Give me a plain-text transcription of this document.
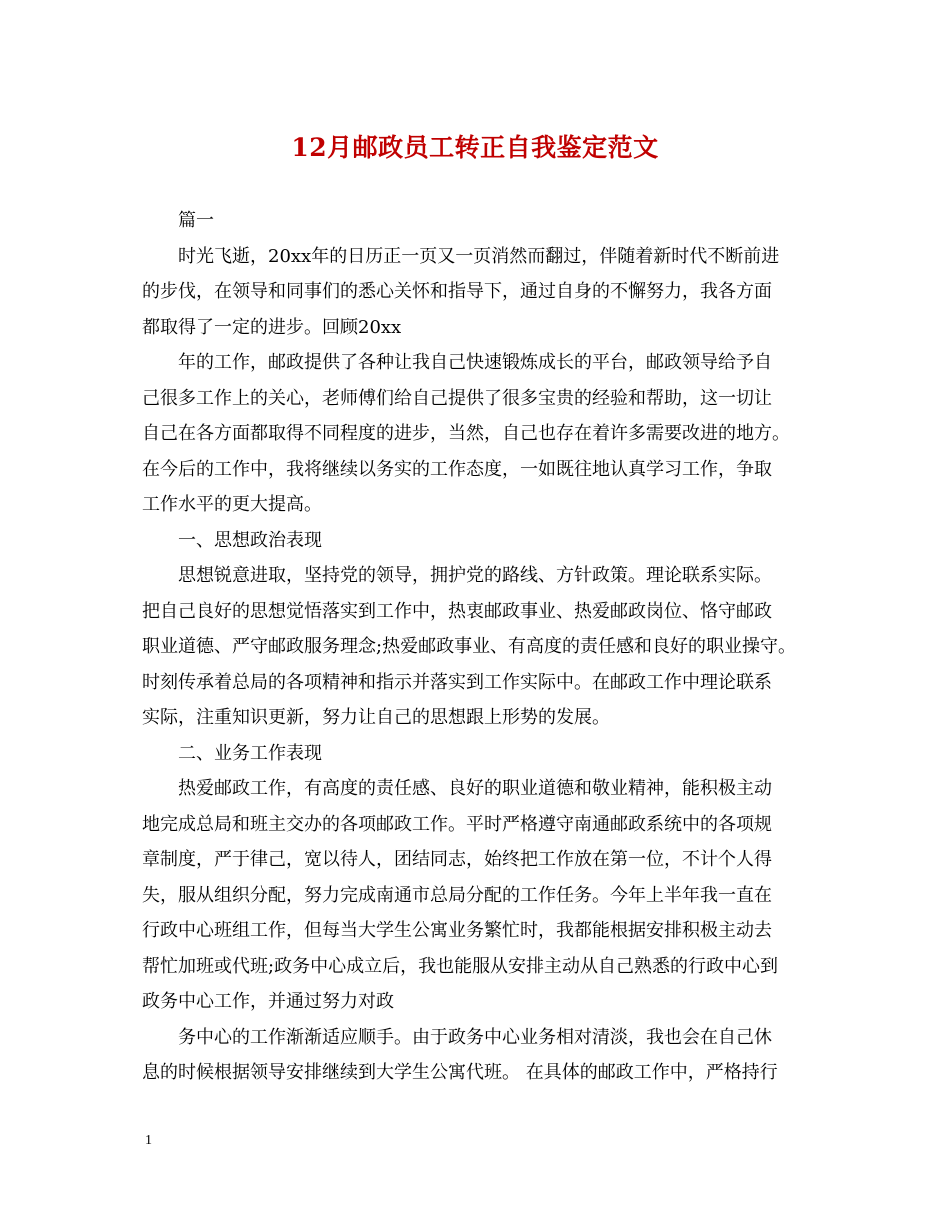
12月邮政员工转正自我鉴定范文
篇一
时光飞逝，20xx年的日历正一页又一页消然而翻过，伴随着新时代不断前进
的步伐，在领导和同事们的悉心关怀和指导下，通过自身的不懈努力，我各方面
都取得了一定的进步。回顾20xx
年的工作，邮政提供了各种让我自己快速锻炼成长的平台，邮政领导给予自
己很多工作上的关心，老师傅们给自己提供了很多宝贵的经验和帮助，这一切让
自己在各方面都取得不同程度的进步，当然，自己也存在着许多需要改进的地方。
在今后的工作中，我将继续以务实的工作态度，一如既往地认真学习工作，争取
工作水平的更大提高。
一、思想政治表现
思想锐意进取，坚持党的领导，拥护党的路线、方针政策。理论联系实际。
把自己良好的思想觉悟落实到工作中，热衷邮政事业、热爱邮政岗位、恪守邮政
职业道德、严守邮政服务理念;热爱邮政事业、有高度的责任感和良好的职业操守。
时刻传承着总局的各项精神和指示并落实到工作实际中。在邮政工作中理论联系
实际，注重知识更新，努力让自己的思想跟上形势的发展。
二、业务工作表现
热爱邮政工作，有高度的责任感、良好的职业道德和敬业精神，能积极主动
地完成总局和班主交办的各项邮政工作。平时严格遵守南通邮政系统中的各项规
章制度，严于律己，宽以待人，团结同志，始终把工作放在第一位，不计个人得
失，服从组织分配，努力完成南通市总局分配的工作任务。今年上半年我一直在
行政中心班组工作，但每当大学生公寓业务繁忙时，我都能根据安排积极主动去
帮忙加班或代班;政务中心成立后，我也能服从安排主动从自己熟悉的行政中心到
政务中心工作，并通过努力对政
务中心的工作渐渐适应顺手。由于政务中心业务相对清淡，我也会在自己休
息的时候根据领导安排继续到大学生公寓代班。 在具体的邮政工作中，严格持行
1
